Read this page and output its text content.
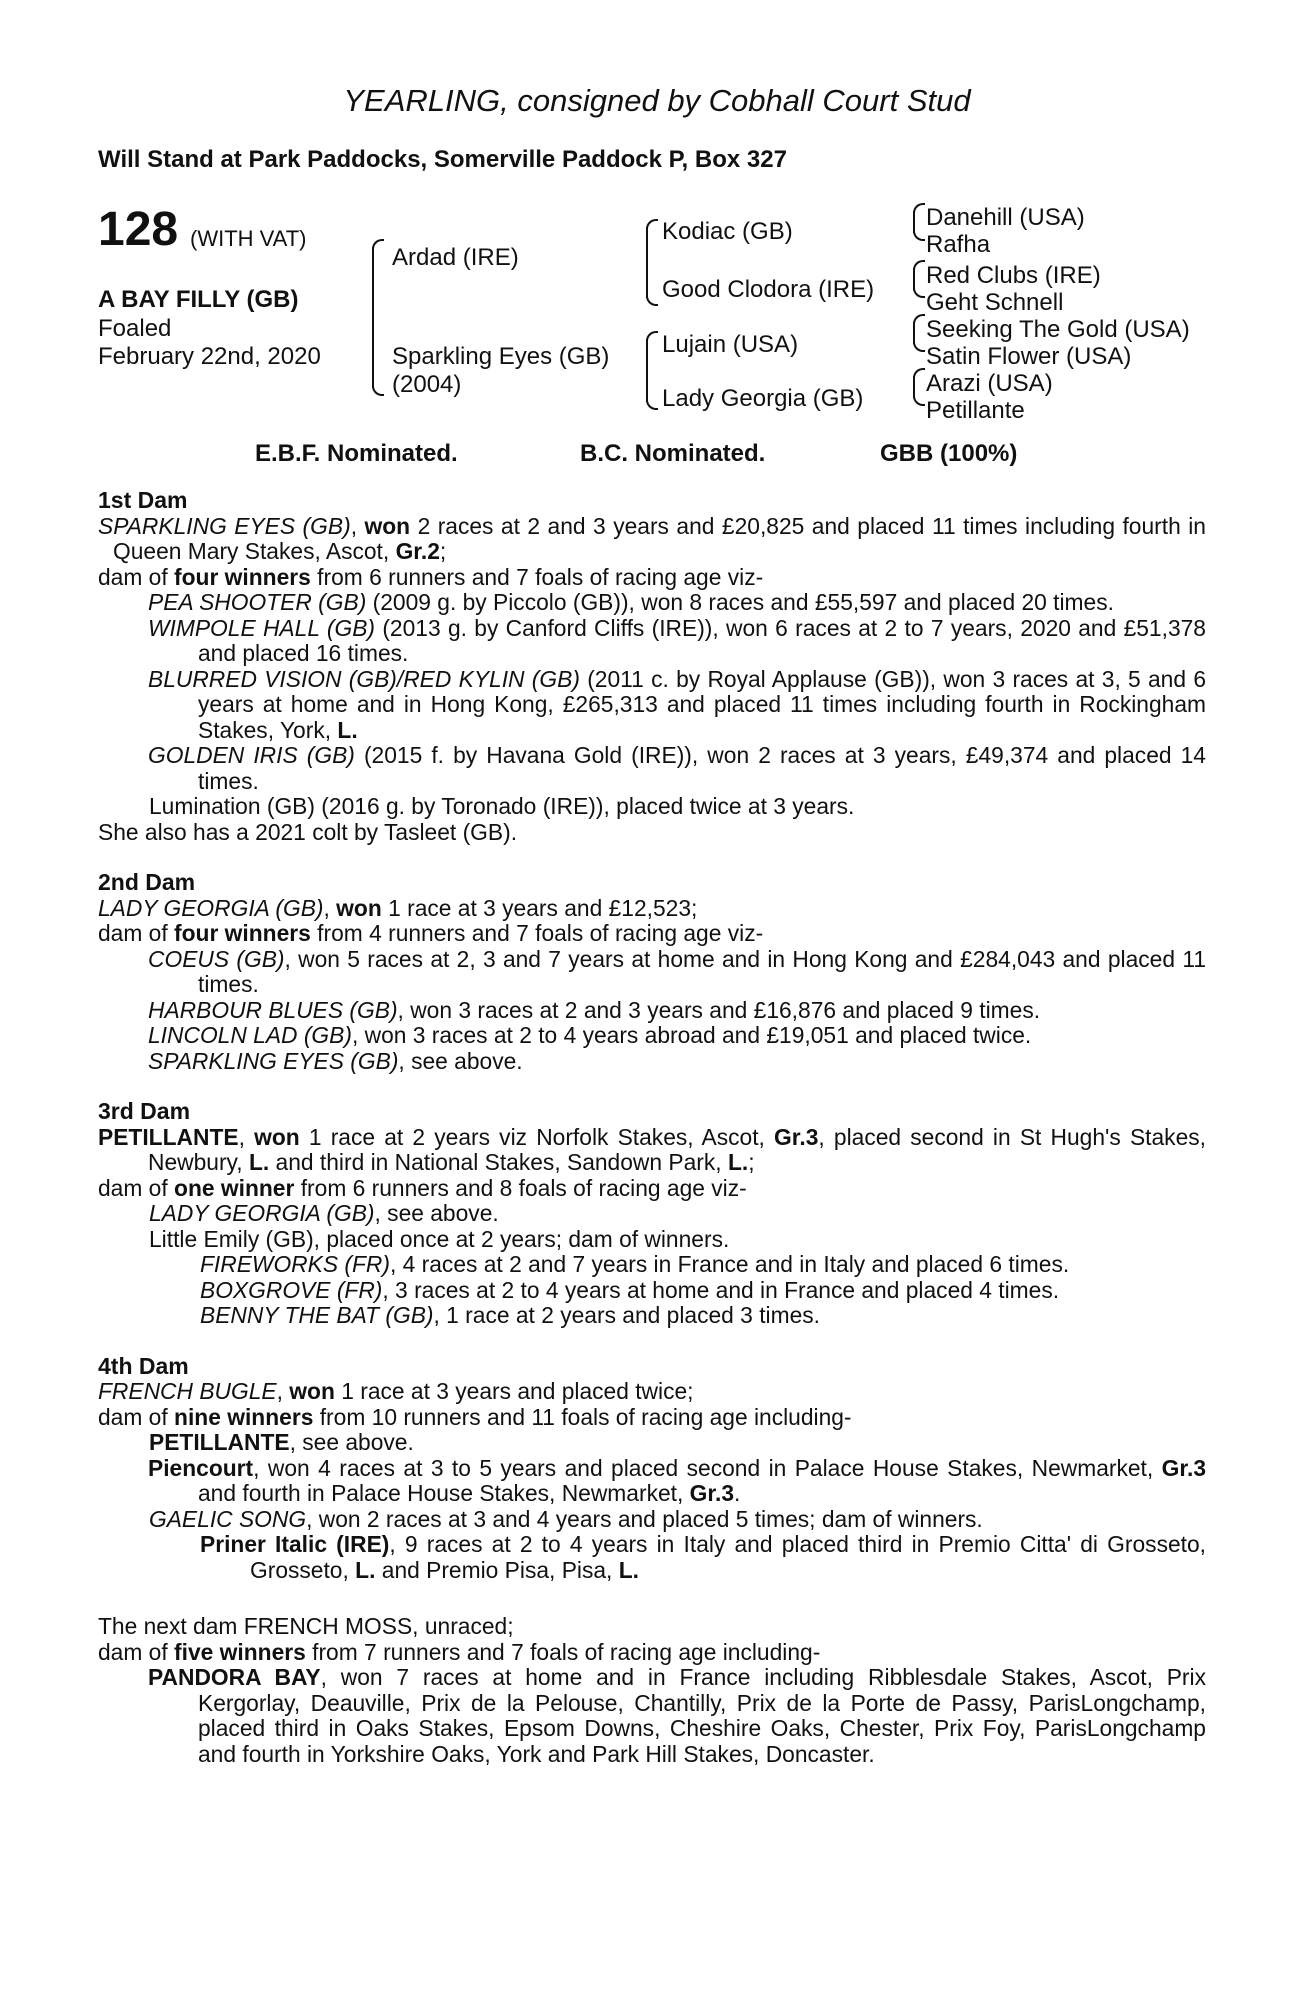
YEARLING, consigned by Cobhall Court Stud
Will Stand at Park Paddocks, Somerville Paddock P, Box 327
128 (WITH VAT)
A BAY FILLY (GB)
Foaled
February 22nd, 2020
Ardad (IRE)
Sparkling Eyes (GB)
(2004)
Kodiac (GB)
Good Clodora (IRE)
Lujain (USA)
Lady Georgia (GB)
Danehill (USA)
Rafha
Red Clubs (IRE)
Geht Schnell
Seeking The Gold (USA)
Satin Flower (USA)
Arazi (USA)
Petillante
E.B.F. Nominated.	B.C. Nominated.	GBB (100%)

1st Dam

SPARKLING EYES (GB), won 2 races at 2 and 3 years and £20,825 and placed 11 times including fourth in Queen Mary Stakes, Ascot, Gr.2;

dam of four winners from 6 runners and 7 foals of racing age viz-

PEA SHOOTER (GB) (2009 g. by Piccolo (GB)), won 8 races and £55,597 and placed 20 times.

WIMPOLE HALL (GB) (2013 g. by Canford Cliffs (IRE)), won 6 races at 2 to 7 years, 2020 and £51,378 and placed 16 times.

BLURRED VISION (GB)/RED KYLIN (GB) (2011 c. by Royal Applause (GB)), won 3 races at 3, 5 and 6 years at home and in Hong Kong, £265,313 and placed 11 times including fourth in Rockingham Stakes, York, L.

GOLDEN IRIS (GB) (2015 f. by Havana Gold (IRE)), won 2 races at 3 years, £49,374 and placed 14 times.

Lumination (GB) (2016 g. by Toronado (IRE)), placed twice at 3 years.

She also has a 2021 colt by Tasleet (GB).

2nd Dam

LADY GEORGIA (GB), won 1 race at 3 years and £12,523;

dam of four winners from 4 runners and 7 foals of racing age viz-

COEUS (GB), won 5 races at 2, 3 and 7 years at home and in Hong Kong and £284,043 and placed 11 times.

HARBOUR BLUES (GB), won 3 races at 2 and 3 years and £16,876 and placed 9 times.

LINCOLN LAD (GB), won 3 races at 2 to 4 years abroad and £19,051 and placed twice.

SPARKLING EYES (GB), see above.

3rd Dam

PETILLANTE, won 1 race at 2 years viz Norfolk Stakes, Ascot, Gr.3, placed second in St Hugh's Stakes, Newbury, L. and third in National Stakes, Sandown Park, L.;

dam of one winner from 6 runners and 8 foals of racing age viz-

LADY GEORGIA (GB), see above.

Little Emily (GB), placed once at 2 years; dam of winners.

FIREWORKS (FR), 4 races at 2 and 7 years in France and in Italy and placed 6 times.

BOXGROVE (FR), 3 races at 2 to 4 years at home and in France and placed 4 times.

BENNY THE BAT (GB), 1 race at 2 years and placed 3 times.

4th Dam

FRENCH BUGLE, won 1 race at 3 years and placed twice;

dam of nine winners from 10 runners and 11 foals of racing age including-

PETILLANTE, see above.

Piencourt, won 4 races at 3 to 5 years and placed second in Palace House Stakes, Newmarket, Gr.3 and fourth in Palace House Stakes, Newmarket, Gr.3.

GAELIC SONG, won 2 races at 3 and 4 years and placed 5 times; dam of winners.

Priner Italic (IRE), 9 races at 2 to 4 years in Italy and placed third in Premio Citta' di Grosseto, Grosseto, L. and Premio Pisa, Pisa, L.

The next dam FRENCH MOSS, unraced;

dam of five winners from 7 runners and 7 foals of racing age including-

PANDORA BAY, won 7 races at home and in France including Ribblesdale Stakes, Ascot, Prix Kergorlay, Deauville, Prix de la Pelouse, Chantilly, Prix de la Porte de Passy, ParisLongchamp, placed third in Oaks Stakes, Epsom Downs, Cheshire Oaks, Chester, Prix Foy, ParisLongchamp and fourth in Yorkshire Oaks, York and Park Hill Stakes, Doncaster.
